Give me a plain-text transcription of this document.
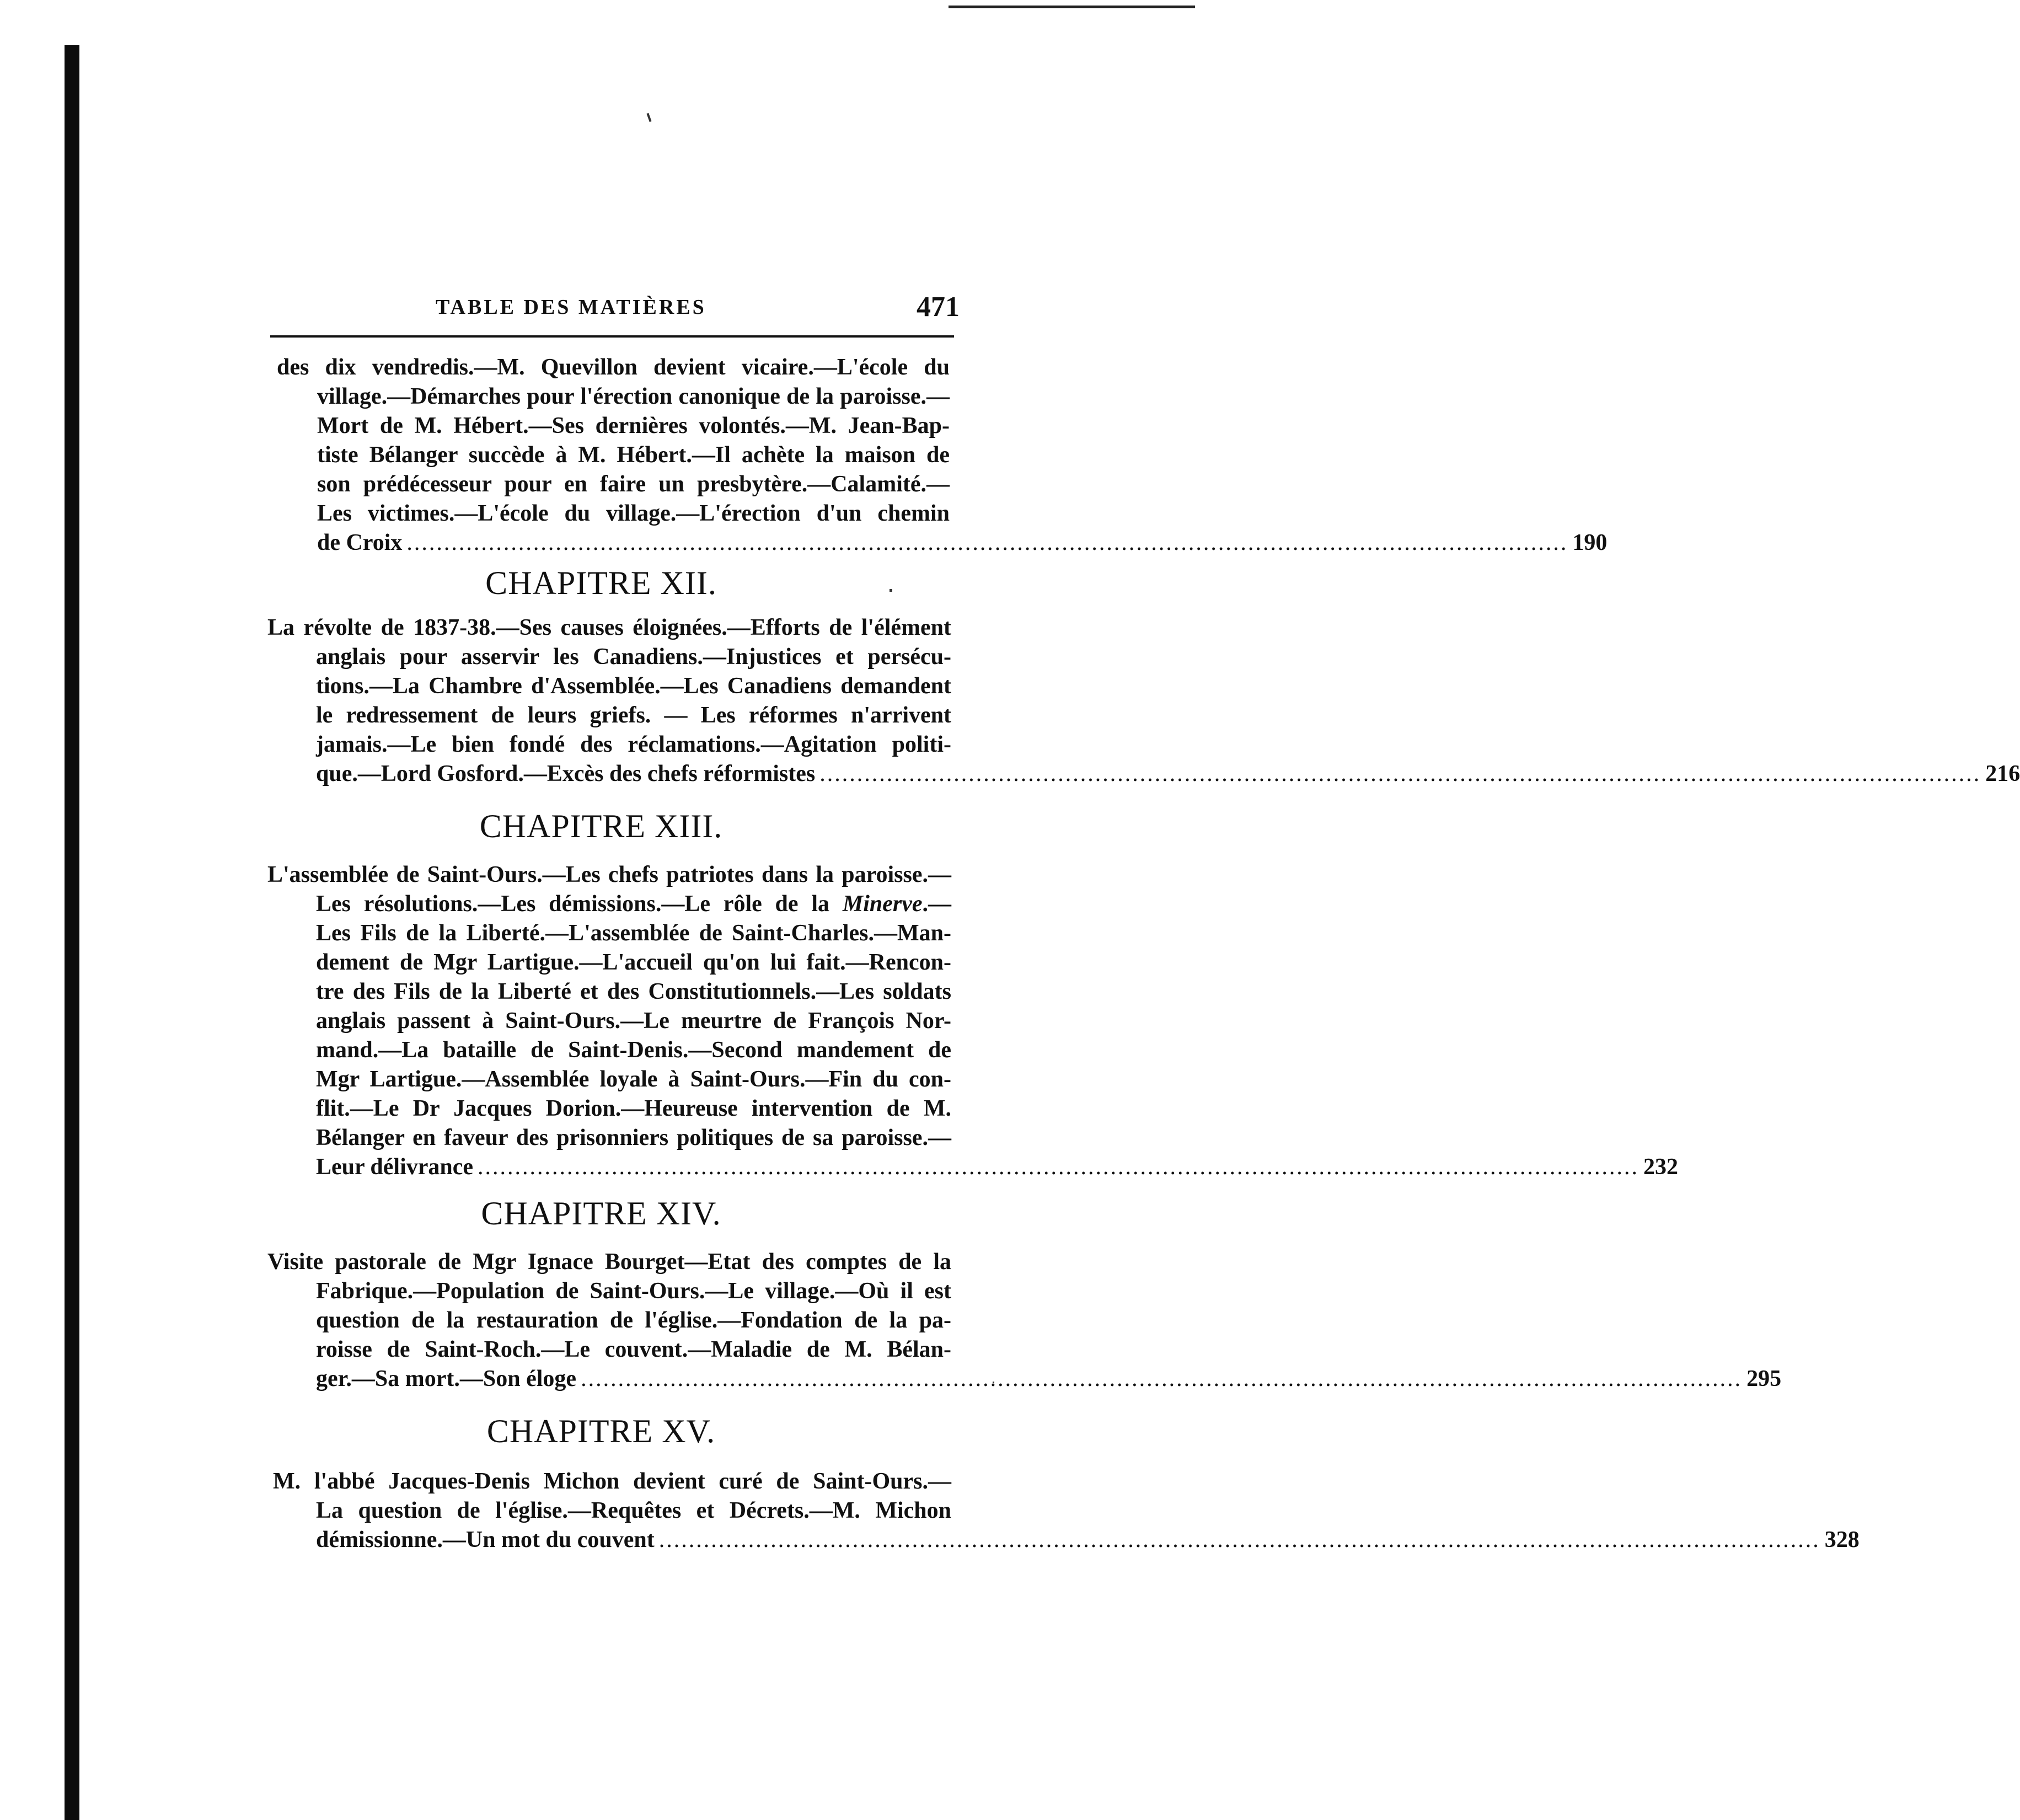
TABLE DES MATIÈRES	471
des dix vendredis.—M. Quevillon devient vicaire.—L'école du
village.—Démarches pour l'érection canonique de la paroisse.—
Mort de M. Hébert.—Ses dernières volontés.—M. Jean-Bap-
tiste Bélanger succède à M. Hébert.—Il achète la maison de
son prédécesseur pour en faire un presbytère.—Calamité.—
Les victimes.—L'école du village.—L'érection d'un chemin
de Croix ............................................................................................................................................................ 190
CHAPITRE XII.
La révolte de 1837-38.—Ses causes éloignées.—Efforts de l'élément
anglais pour asservir les Canadiens.—Injustices et persécu-
tions.—La Chambre d'Assemblée.—Les Canadiens demandent
le redressement de leurs griefs. — Les réformes n'arrivent
jamais.—Le bien fondé des réclamations.—Agitation politi-
que.—Lord Gosford.—Excès des chefs réformistes ............................................................................................................................................................ 216
CHAPITRE XIII.
L'assemblée de Saint-Ours.—Les chefs patriotes dans la paroisse.—
Les résolutions.—Les démissions.—Le rôle de la Minerve.—
Les Fils de la Liberté.—L'assemblée de Saint-Charles.—Man-
dement de Mgr Lartigue.—L'accueil qu'on lui fait.—Rencon-
tre des Fils de la Liberté et des Constitutionnels.—Les soldats
anglais passent à Saint-Ours.—Le meurtre de François Nor-
mand.—La bataille de Saint-Denis.—Second mandement de
Mgr Lartigue.—Assemblée loyale à Saint-Ours.—Fin du con-
flit.—Le Dr Jacques Dorion.—Heureuse intervention de M.
Bélanger en faveur des prisonniers politiques de sa paroisse.—
Leur délivrance ............................................................................................................................................................ 232
CHAPITRE XIV.
Visite pastorale de Mgr Ignace Bourget—Etat des comptes de la
Fabrique.—Population de Saint-Ours.—Le village.—Où il est
question de la restauration de l'église.—Fondation de la pa-
roisse de Saint-Roch.—Le couvent.—Maladie de M. Bélan-
ger.—Sa mort.—Son éloge ............................................................................................................................................................ 295
CHAPITRE XV.
M. l'abbé Jacques-Denis Michon devient curé de Saint-Ours.—
La question de l'église.—Requêtes et Décrets.—M. Michon
démissionne.—Un mot du couvent ............................................................................................................................................................ 328
